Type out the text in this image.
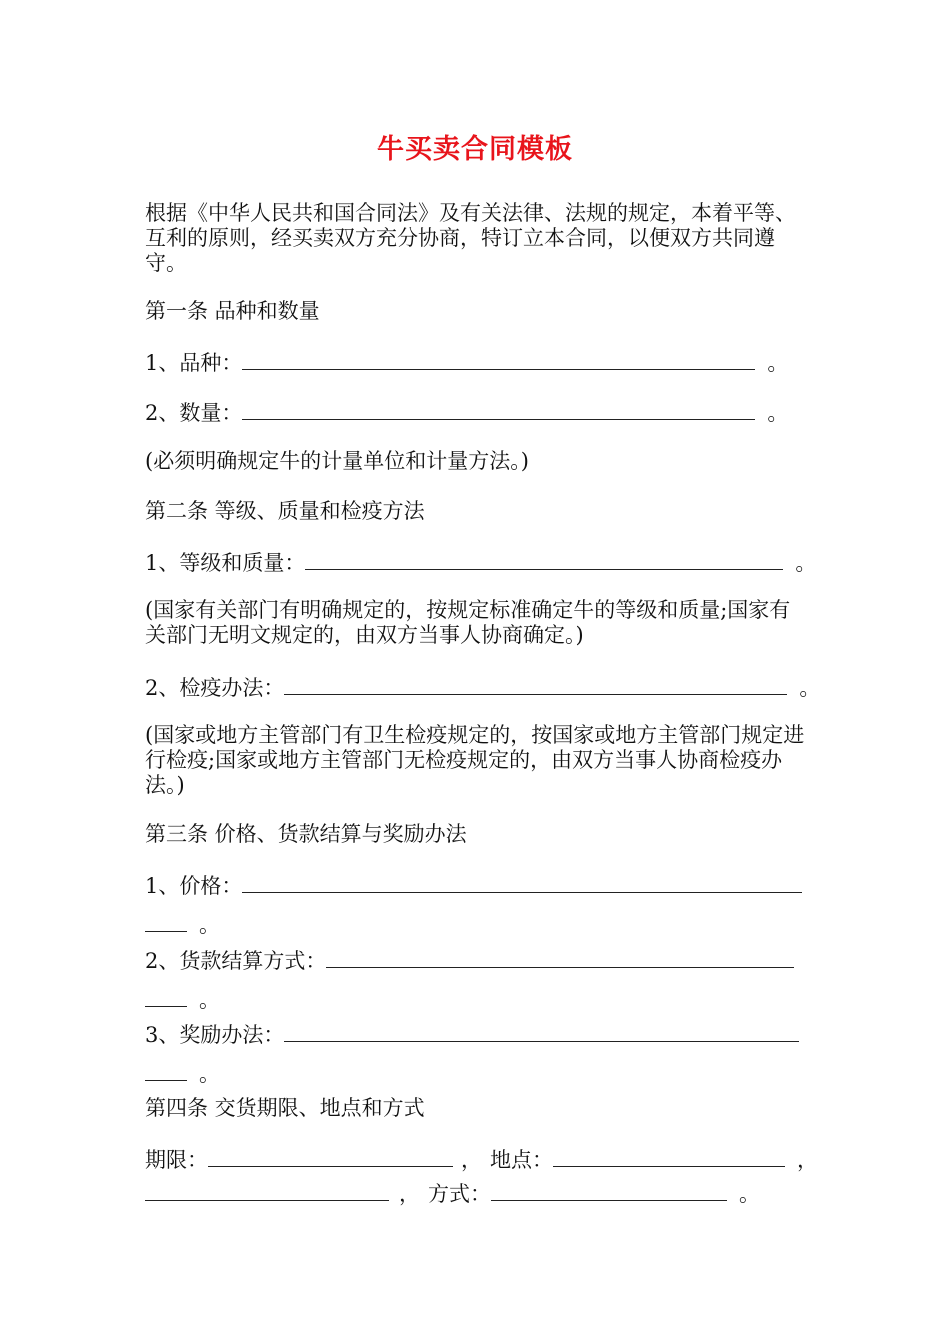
牛买卖合同模板
根据《中华人民共和国合同法》及有关法律、法规的规定，本着平等、互利的原则，经买卖双方充分协商，特订立本合同，以便双方共同遵守。
第一条 品种和数量
1、品种：	。
2、数量：	。
(必须明确规定牛的计量单位和计量方法。)
第二条 等级、质量和检疫方法
1、等级和质量：	。
(国家有关部门有明确规定的，按规定标准确定牛的等级和质量;国家有关部门无明文规定的，由双方当事人协商确定。)
2、检疫办法：	。
(国家或地方主管部门有卫生检疫规定的，按国家或地方主管部门规定进行检疫;国家或地方主管部门无检疫规定的，由双方当事人协商检疫办法。)
第三条 价格、货款结算与奖励办法
1、价格：
。
2、货款结算方式：
。
3、奖励办法：
。
第四条 交货期限、地点和方式
期限：	， 地点：	，
， 方式：	。
